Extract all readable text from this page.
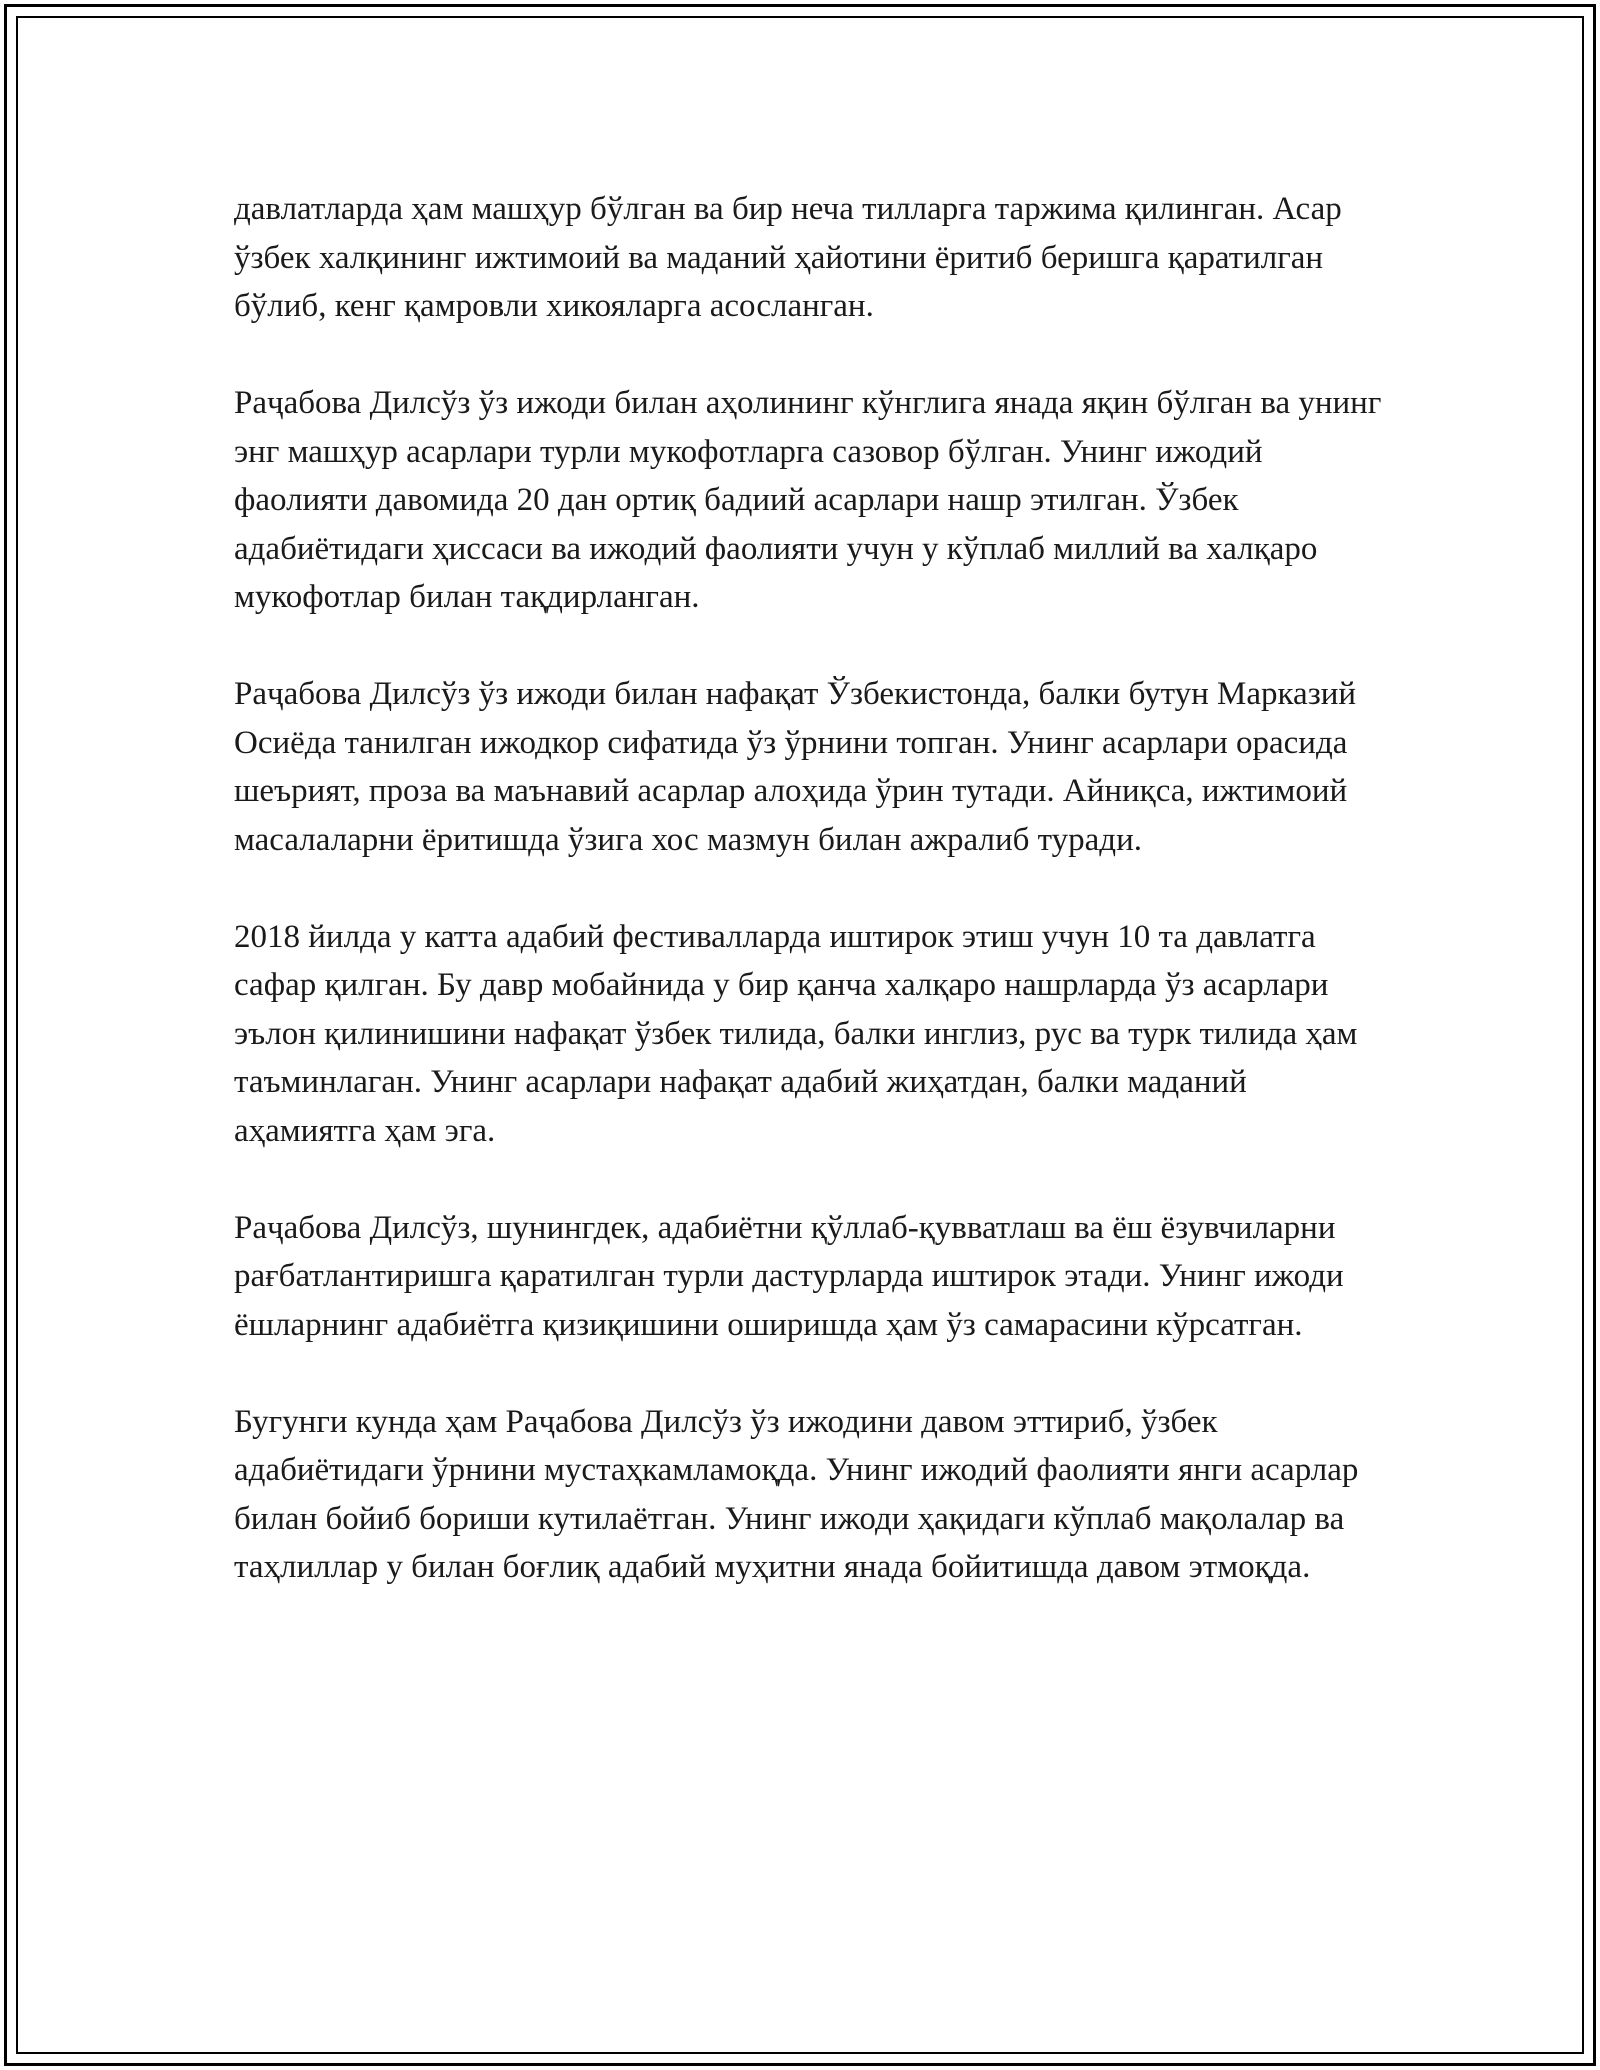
давлатларда ҳам машҳур бўлган ва бир неча тилларга таржима қилинган. Асар ўзбек халқининг ижтимоий ва маданий ҳайотини ёритиб беришга қаратилган бўлиб, кенг қамровли хикояларга асосланган.

Раҷабова Дилсўз ўз ижоди билан аҳолининг кўнглига янада яқин бўлган ва унинг энг машҳур асарлари турли мукофотларга сазовор бўлган. Унинг ижодий фаолияти давомида 20 дан ортиқ бадиий асарлари нашр этилган. Ўзбек адабиётидаги ҳиссаси ва ижодий фаолияти учун у кўплаб миллий ва халқаро мукофотлар билан тақдирланган.

Раҷабова Дилсўз ўз ижоди билан нафақат Ўзбекистонда, балки бутун Марказий Осиёда танилган ижодкор сифатида ўз ўрнини топган. Унинг асарлари орасида шеърият, проза ва маънавий асарлар алоҳида ўрин тутади. Айниқса, ижтимоий масалаларни ёритишда ўзига хос мазмун билан ажралиб туради.

2018 йилда у катта адабий фестивалларда иштирок этиш учун 10 та давлатга сафар қилган. Бу давр мобайнида у бир қанча халқаро нашрларда ўз асарлари эълон қилинишини нафақат ўзбек тилида, балки инглиз, рус ва турк тилида ҳам таъминлаган. Унинг асарлари нафақат адабий жиҳатдан, балки маданий аҳамиятга ҳам эга.

Раҷабова Дилсўз, шунингдек, адабиётни қўллаб-қувватлаш ва ёш ёзувчиларни рағбатлантиришга қаратилган турли дастурларда иштирок этади. Унинг ижоди ёшларнинг адабиётга қизиқишини оширишда ҳам ўз самарасини кўрсатган.

Бугунги кунда ҳам Раҷабова Дилсўз ўз ижодини давом эттириб, ўзбек адабиётидаги ўрнини мустаҳкамламоқда. Унинг ижодий фаолияти янги асарлар билан бойиб бориши кутилаётган. Унинг ижоди ҳақидаги кўплаб мақолалар ва таҳлиллар у билан боғлиқ адабий муҳитни янада бойитишда давом этмоқда.
